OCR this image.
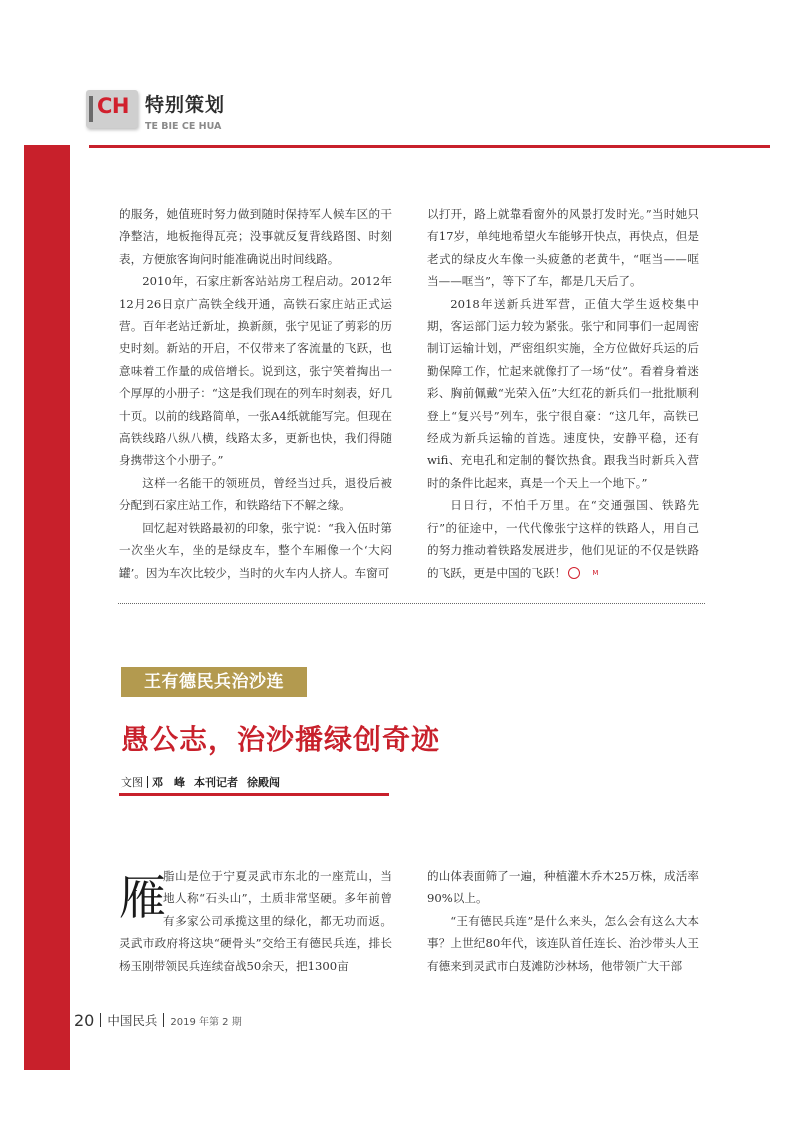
CH 特别策划
TE BIE CE HUA

的服务，她值班时努力做到随时保持军人候车区的干净整洁，地板拖得瓦亮；没事就反复背线路图、时刻表，方便旅客询问时能准确说出时间线路。

2010年，石家庄新客站站房工程启动。2012年12月26日京广高铁全线开通，高铁石家庄站正式运营。百年老站迁新址，换新颜，张宁见证了剪彩的历史时刻。新站的开启，不仅带来了客流量的飞跃，也意味着工作量的成倍增长。说到这，张宁笑着掏出一个厚厚的小册子：“这是我们现在的列车时刻表，好几十页。以前的线路简单，一张A4纸就能写完。但现在高铁线路八纵八横，线路太多，更新也快，我们得随身携带这个小册子。”

这样一名能干的领班员，曾经当过兵，退役后被分配到石家庄站工作，和铁路结下不解之缘。

回忆起对铁路最初的印象，张宁说：“我入伍时第一次坐火车，坐的是绿皮车，整个车厢像一个‘大闷罐’。因为车次比较少，当时的火车内人挤人。车窗可

以打开，路上就靠看窗外的风景打发时光。”当时她只有17岁，单纯地希望火车能够开快点，再快点，但是老式的绿皮火车像一头疲惫的老黄牛，“哐当——哐当——哐当”，等下了车，都是几天后了。

2018年送新兵进军营，正值大学生返校集中期，客运部门运力较为紧张。张宁和同事们一起周密制订运输计划，严密组织实施，全方位做好兵运的后勤保障工作，忙起来就像打了一场“仗”。看着身着迷彩、胸前佩戴“光荣入伍”大红花的新兵们一批批顺利登上“复兴号”列车，张宁很自豪：“这几年，高铁已经成为新兵运输的首选。速度快，安静平稳，还有wifi、充电孔和定制的餐饮热食。跟我当时新兵入营时的条件比起来，真是一个天上一个地下。”

日日行，不怕千万里。在“交通强国、铁路先行”的征途中，一代代像张宁这样的铁路人，用自己的努力推动着铁路发展进步，他们见证的不仅是铁路的飞跃，更是中国的飞跃！	M

王有德民兵治沙连
愚公志，治沙播绿创奇迹
文图 邓　峰 本刊记者 徐殿闯
雁

脂山是位于宁夏灵武市东北的一座荒山，当地人称“石头山”，土质非常坚硬。多年前曾有多家公司承揽这里的绿化，都无功而返。灵武市政府将这块“硬骨头”交给王有德民兵连，排长杨玉刚带领民兵连续奋战50余天，把1300亩

的山体表面筛了一遍，种植灌木乔木25万株，成活率90%以上。

“王有德民兵连”是什么来头，怎么会有这么大本事？上世纪80年代，该连队首任连长、治沙带头人王有德来到灵武市白芨滩防沙林场，他带领广大干部

20 中国民兵 2019 年第 2 期
